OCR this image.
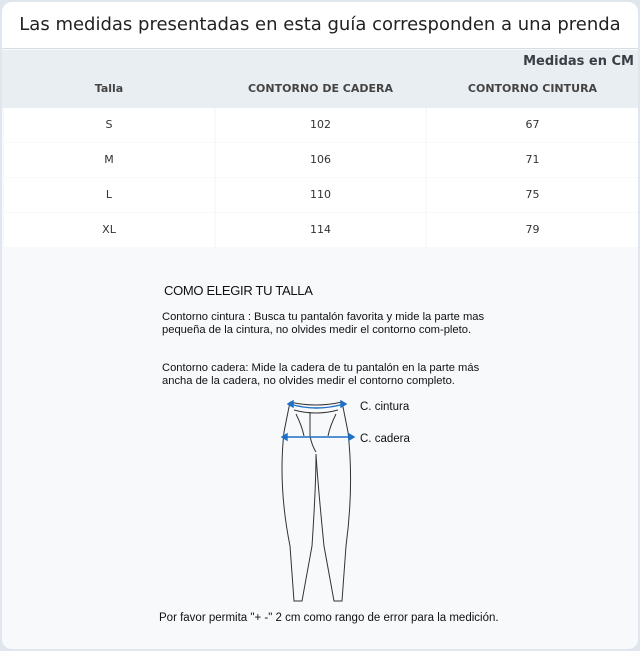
Las medidas presentadas en esta guía corresponden a una prenda
Medidas en CM
Talla	CONTORNO DE CADERA	CONTORNO CINTURA
S	102	67
M	106	71
L	110	75
XL	114	79
COMO ELEGIR TU TALLA
Contorno cintura : Busca tu pantalón favorita y mide la parte mas pequeña de la cintura, no olvides medir el contorno com-pleto.
Contorno cadera: Mide la cadera de tu pantalón en la parte más ancha de la cadera, no olvides medir el contorno completo.
C. cintura
C. cadera
Por favor permita "+ -" 2 cm como rango de error para la medición.
